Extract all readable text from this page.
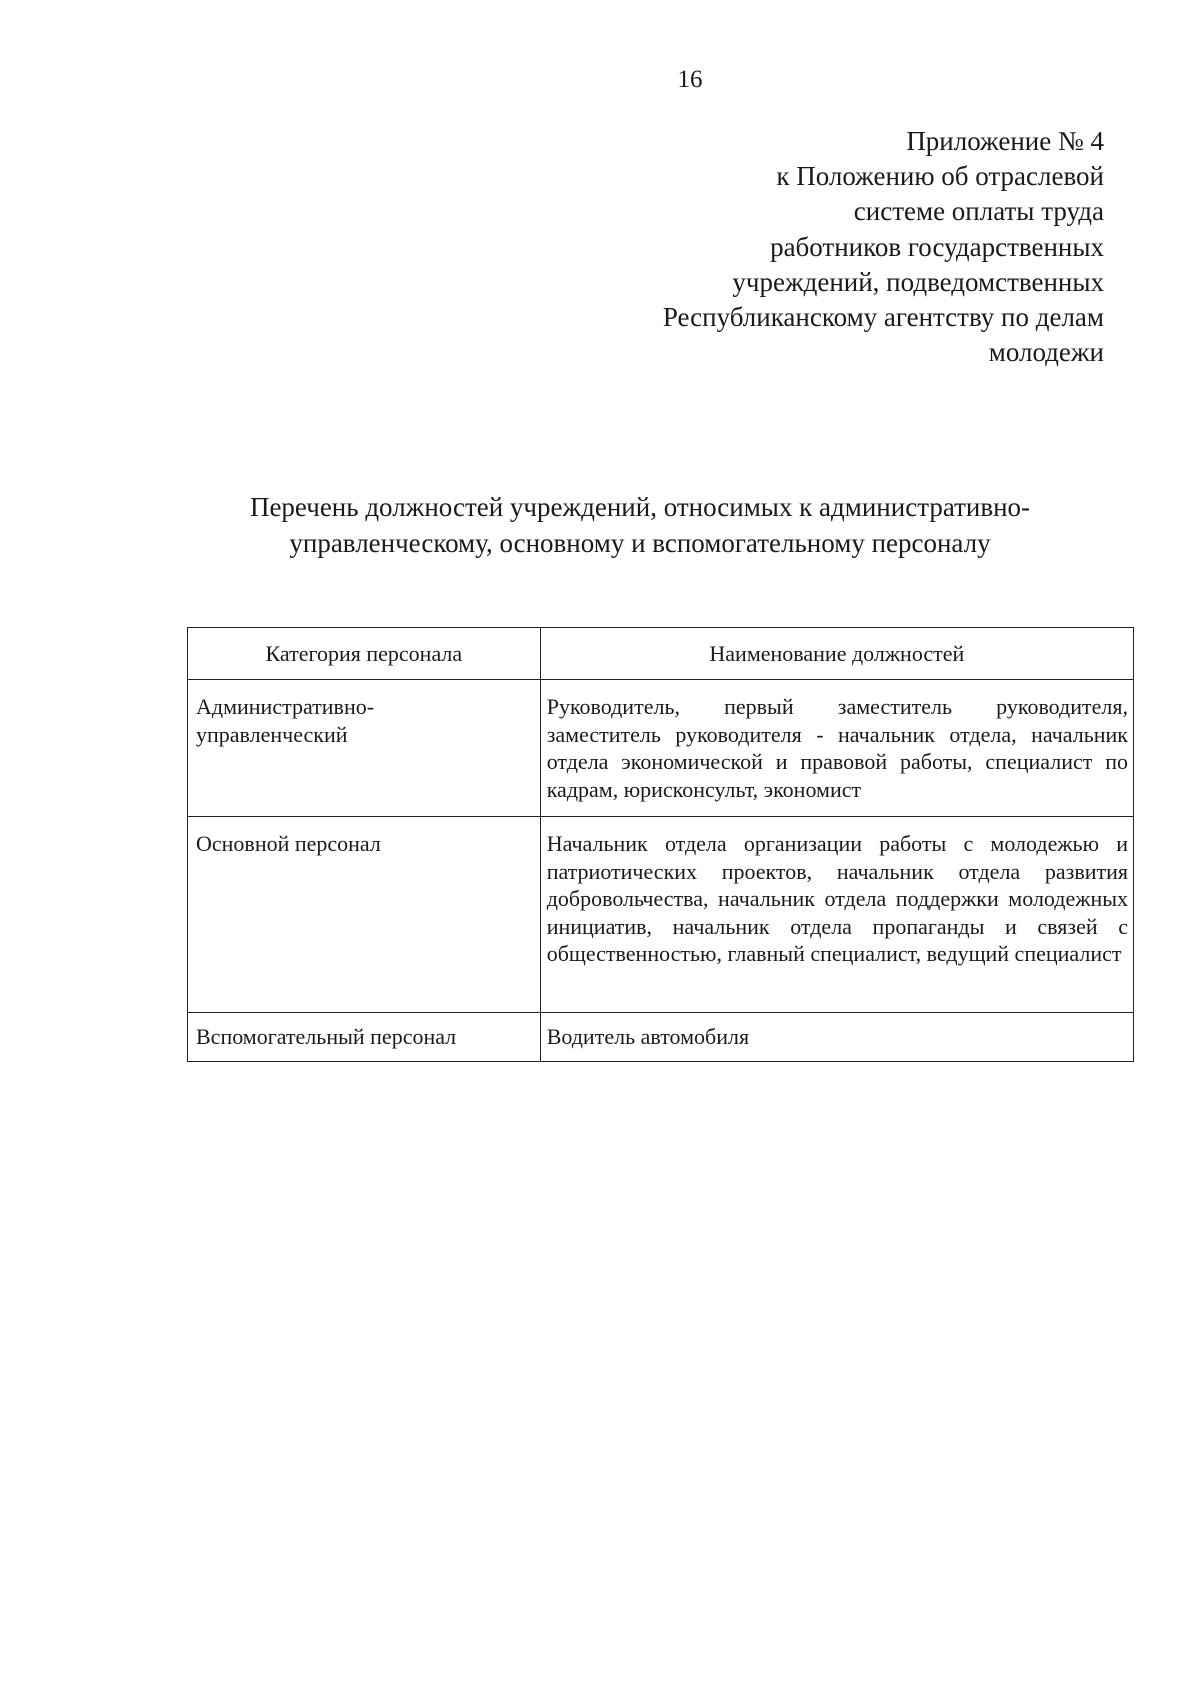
16
Приложение № 4
к Положению об отраслевой
системе оплаты труда
работников государственных
учреждений, подведомственных
Республиканскому агентству по делам
молодежи
Перечень должностей учреждений, относимых к административно-
управленческому, основному и вспомогательному персоналу
Категория персонала	Наименование должностей

Административно-
управленческий	Руководитель, первый заместитель руководителя, заместитель руководителя - начальник отдела, начальник отдела экономической и правовой работы, специалист по кадрам, юрисконсульт, экономист
Основной персонал	Начальник отдела организации работы с молодежью и патриотических проектов, начальник отдела развития добровольчества, начальник отдела поддержки молодежных инициатив, начальник отдела пропаганды и связей с общественностью, главный специалист, ведущий специалист
Вспомогательный персонал	Водитель автомобиля
